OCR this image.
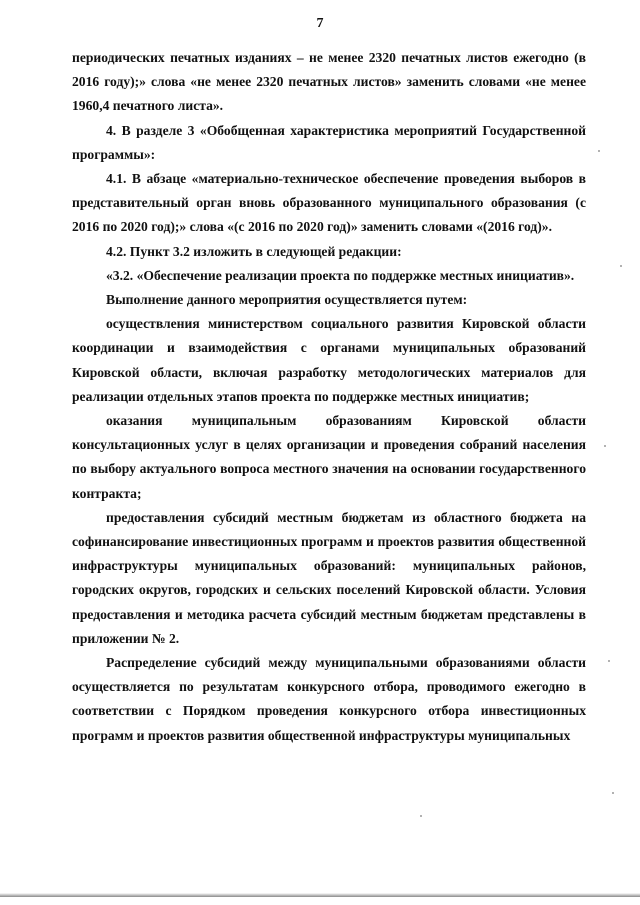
7

периодических печатных изданиях – не менее 2320 печатных листов ежегодно (в 2016 году);» слова «не менее 2320 печатных листов» заменить словами «не менее 1960,4 печатного листа».

4. В разделе 3 «Обобщенная характеристика мероприятий Государственной программы»:

4.1. В абзаце «материально-техническое обеспечение проведения выборов в представительный орган вновь образованного муниципального образования (с 2016 по 2020 год);» слова «(с 2016 по 2020 год)» заменить словами «(2016 год)».

4.2. Пункт 3.2 изложить в следующей редакции:

«3.2. «Обеспечение реализации проекта по поддержке местных инициатив».

Выполнение данного мероприятия осуществляется путем:

осуществления министерством социального развития Кировской области координации и взаимодействия с органами муниципальных образований Кировской области, включая разработку методологических материалов для реализации отдельных этапов проекта по поддержке местных инициатив;

оказания муниципальным образованиям Кировской области консультационных услуг в целях организации и проведения собраний населения по выбору актуального вопроса местного значения на основании государственного контракта;

предоставления субсидий местным бюджетам из областного бюджета на софинансирование инвестиционных программ и проектов развития общественной инфраструктуры муниципальных образований: муниципальных районов, городских округов, городских и сельских поселений Кировской области. Условия предоставления и методика расчета субсидий местным бюджетам представлены в приложении № 2.

Распределение субсидий между муниципальными образованиями области осуществляется по результатам конкурсного отбора, проводимого ежегодно в соответствии с Порядком проведения конкурсного отбора инвестиционных программ и проектов развития общественной инфраструктуры муниципальных
